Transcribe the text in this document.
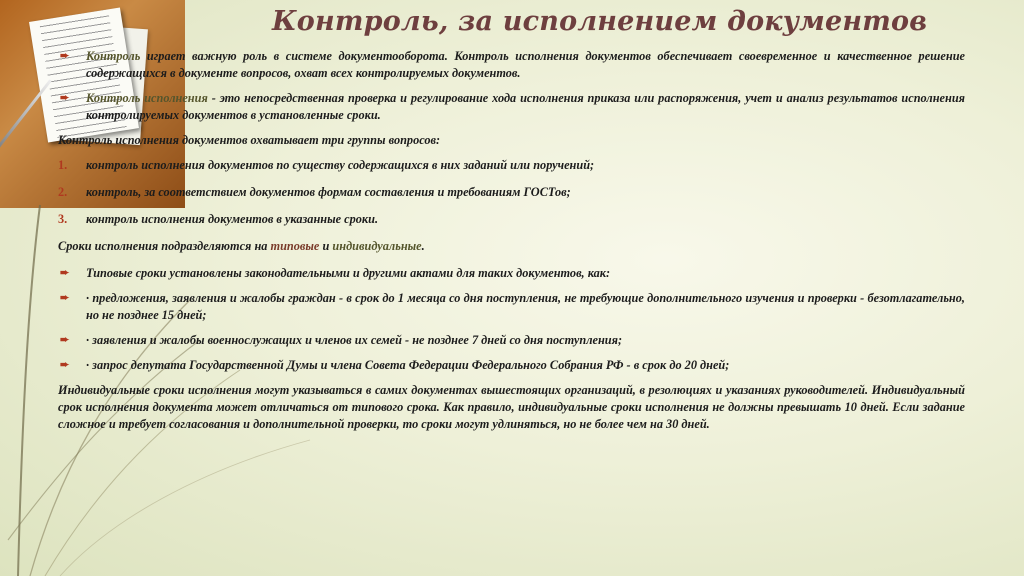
Контроль, за исполнением документов

➨ Контроль играет важную роль в системе документооборота. Контроль исполнения документов обеспечивает своевременное и качественное решение содержащихся в документе вопросов, охват всех контролируемых документов.

➨ Контроль исполнения - это непосредственная проверка и регулирование хода исполнения приказа или распоряжения, учет и анализ результатов исполнения контролируемых документов в установленные сроки.

Контроль исполнения документов охватывает три группы вопросов:

1. контроль исполнения документов по существу содержащихся в них заданий или поручений;

2. контроль, за соответствием документов формам составления и требованиям ГОСТов;

3. контроль исполнения документов в указанные сроки.

Сроки исполнения подразделяются на типовые и индивидуальные.

➨ Типовые сроки установлены законодательными и другими актами для таких документов, как:

➨ · предложения, заявления и жалобы граждан - в срок до 1 месяца со дня поступления, не требующие дополнительного изучения и проверки - безотлагательно, но не позднее 15 дней;

➨ · заявления и жалобы военнослужащих и членов их семей - не позднее 7 дней со дня поступления;

➨ · запрос депутата Государственной Думы и члена Совета Федерации Федерального Собрания РФ - в срок до 20 дней;

Индивидуальные сроки исполнения могут указываться в самих документах вышестоящих организаций, в резолюциях и указаниях руководителей. Индивидуальный срок исполнения документа может отличаться от типового срока. Как правило, индивидуальные сроки исполнения не должны превышать 10 дней. Если задание сложное и требует согласования и дополнительной проверки, то сроки могут удлиняться, но не более чем на 30 дней.
